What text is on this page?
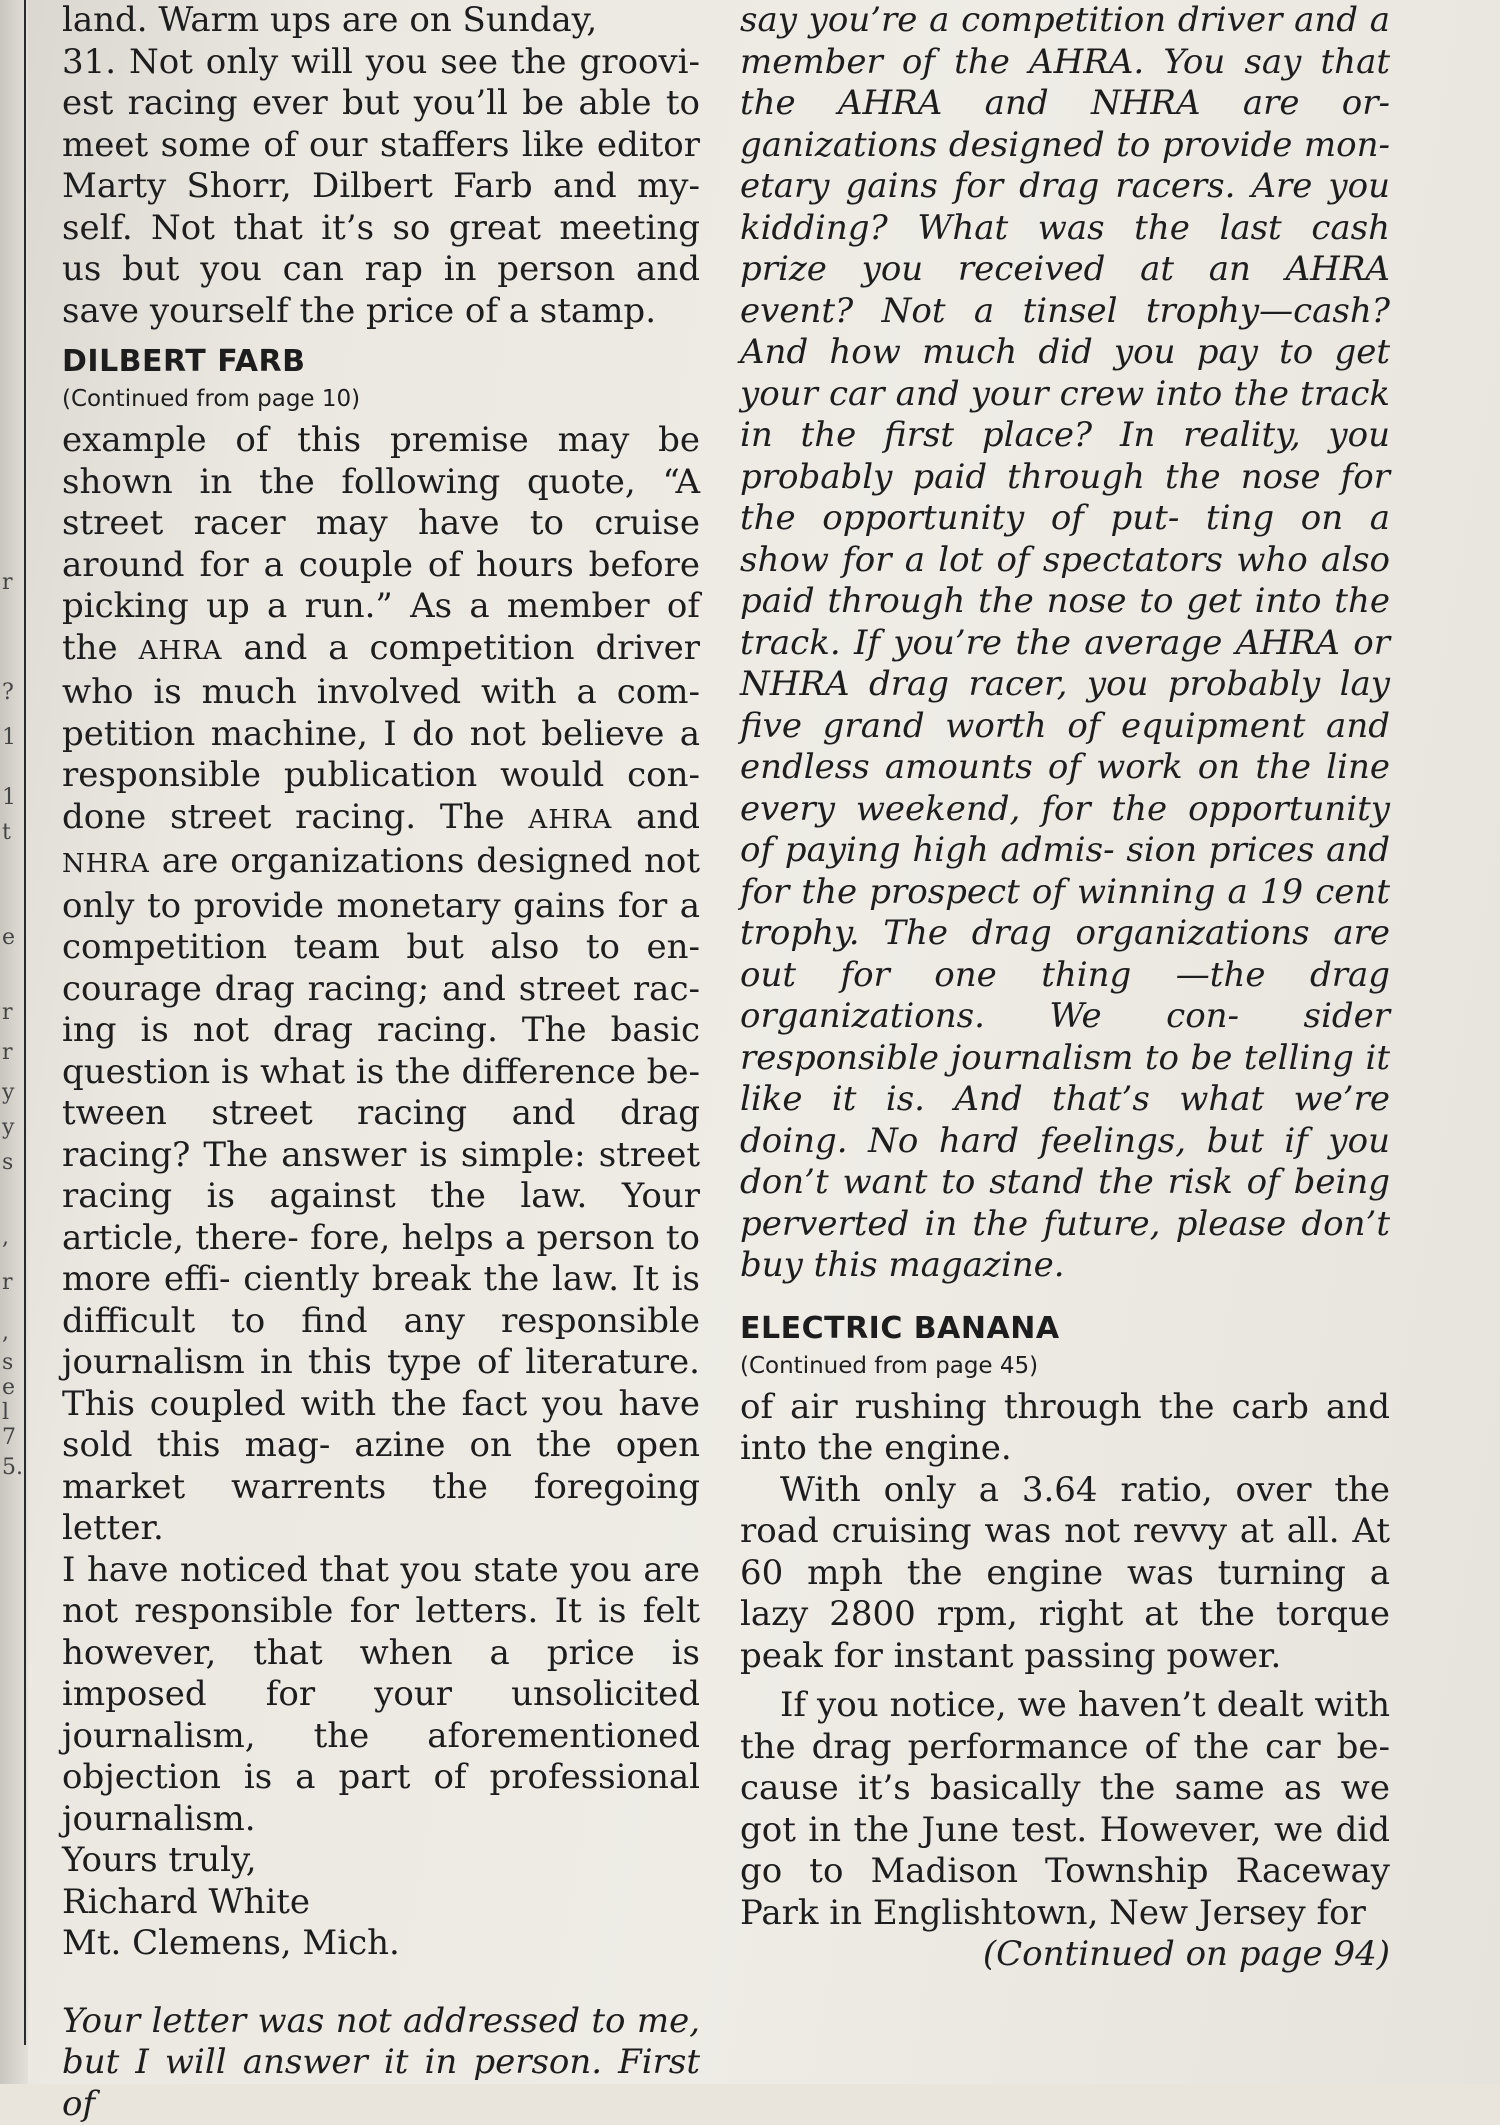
r
?
1
1
t
e
r
r
y
y
s
,
r
,
s
e
l
7
5.

land. Warm ups are on Sunday,

31. Not only will you see the groovi- est racing ever but you’ll be able to meet some of our staffers like editor Marty Shorr, Dilbert Farb and my- self. Not that it’s so great meeting us but you can rap in person and save yourself the price of a stamp.

DILBERT FARB
(Continued from page 10)

example of this premise may be shown in the following quote, “A street racer may have to cruise around for a couple of hours before picking up a run.” As a member of the AHRA and a competition driver who is much involved with a com- petition machine, I do not believe a responsible publication would con- done street racing. The AHRA and NHRA are organizations designed not only to provide monetary gains for a competition team but also to en- courage drag racing; and street rac- ing is not drag racing. The basic question is what is the difference be- tween street racing and drag racing? The answer is simple: street racing is against the law. Your article, there- fore, helps a person to more effi- ciently break the law. It is difficult to find any responsible journalism in this type of literature. This coupled with the fact you have sold this mag- azine on the open market warrents the foregoing letter.

I have noticed that you state you are not responsible for letters. It is felt however, that when a price is imposed for your unsolicited journalism, the aforementioned objection is a part of professional journalism.

Yours truly,

Richard White

Mt. Clemens, Mich.

Your letter was not addressed to me, but I will answer it in person. First of

say you’re a competition driver and a member of the AHRA. You say that the AHRA and NHRA are or- ganizations designed to provide mon- etary gains for drag racers. Are you kidding? What was the last cash prize you received at an AHRA event? Not a tinsel trophy—cash? And how much did you pay to get your car and your crew into the track in the first place? In reality, you probably paid through the nose for the opportunity of put- ting on a show for a lot of spectators who also paid through the nose to get into the track. If you’re the average AHRA or NHRA drag racer, you probably lay five grand worth of equipment and endless amounts of work on the line every weekend, for the opportunity of paying high admis- sion prices and for the prospect of winning a 19 cent trophy. The drag organizations are out for one thing —the drag organizations. We con- sider responsible journalism to be telling it like it is. And that’s what we’re doing. No hard feelings, but if you don’t want to stand the risk of being perverted in the future, please don’t buy this magazine.

ELECTRIC BANANA
(Continued from page 45)

of air rushing through the carb and into the engine.

With only a 3.64 ratio, over the road cruising was not revvy at all. At 60 mph the engine was turning a lazy 2800 rpm, right at the torque peak for instant passing power.

If you notice, we haven’t dealt with the drag performance of the car be- cause it’s basically the same as we got in the June test. However, we did go to Madison Township Raceway Park in Englishtown, New Jersey for

(Continued on page 94)
